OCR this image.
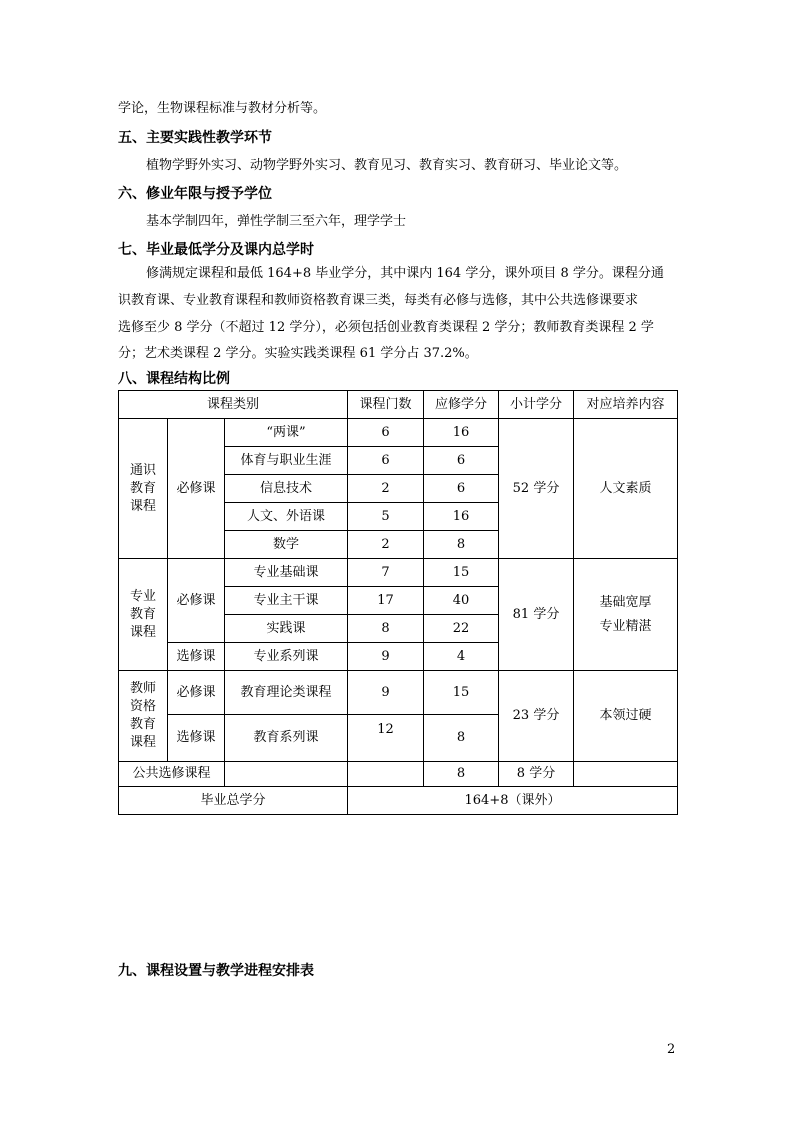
学论，生物课程标准与教材分析等。
五、主要实践性教学环节
植物学野外实习、动物学野外实习、教育见习、教育实习、教育研习、毕业论文等。
六、修业年限与授予学位
基本学制四年，弹性学制三至六年，理学学士
七、毕业最低学分及课内总学时
修满规定课程和最低 164+8 毕业学分，其中课内 164 学分，课外项目 8 学分。课程分通
识教育课、专业教育课程和教师资格教育课三类，每类有必修与选修，其中公共选修课要求
选修至少 8 学分（不超过 12 学分），必须包括创业教育类课程 2 学分；教师教育类课程 2 学
分；艺术类课程 2 学分。实验实践类课程 61 学分占 37.2%。
八、课程结构比例
课程类别			课程门数	应修学分	小计学分	对应培养内容
通识
教育
课程	必修课	“两课”	6	16	52 学分	人文素质
		体育与职业生涯	6	6		
		信息技术	2	6		
		人文、外语课	5	16		
		数学	2	8		
专业
教育
课程	必修课	专业基础课	7	15	81 学分	基础宽厚
专业精湛
		专业主干课	17	40		
		实践课	8	22		
	选修课	专业系列课	9	4		
教师
资格
教育
课程	必修课	教育理论类课程	9	15	23 学分	本领过硬
	选修课	教育系列课	12	8		
公共选修课程				8	8 学分	
毕业总学分			164+8（课外）			
九、课程设置与教学进程安排表
2
